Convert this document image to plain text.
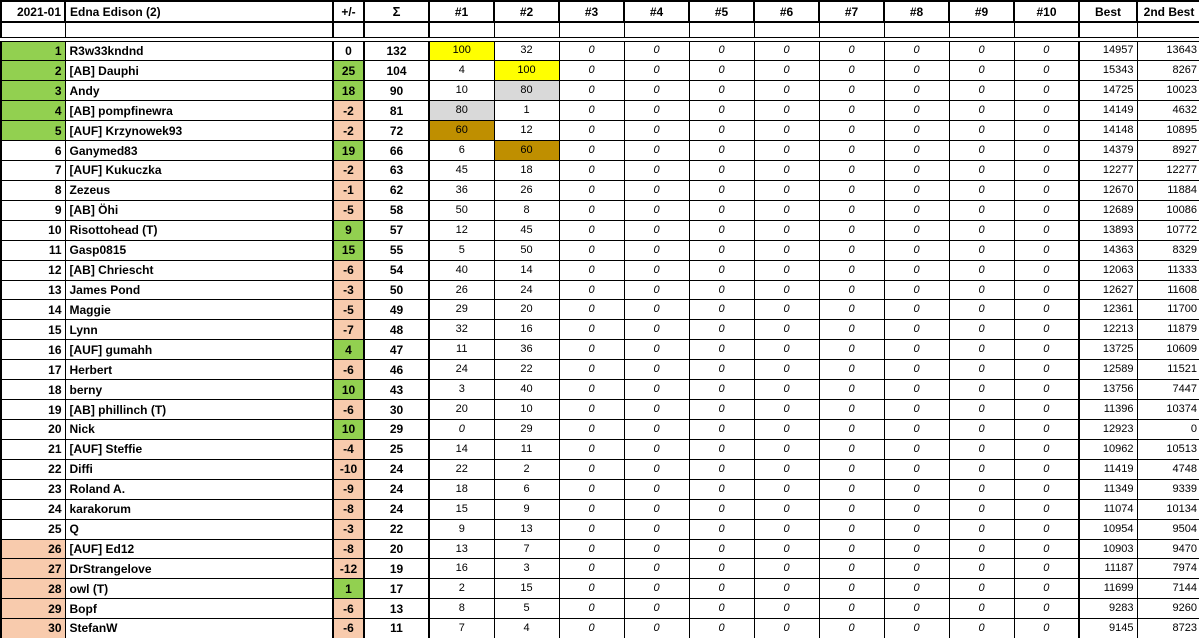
2021-01	Edna Edison (2)	+/-	Σ	#1	#2	#3	#4	#5	#6	#7	#8	#9	#10	Best	2nd Best

1	R3w33kndnd	0	132	100	32	0	0	0	0	0	0	0	0	14957	13643
2	[AB] Dauphi	25	104	4	100	0	0	0	0	0	0	0	0	15343	8267
3	Andy	18	90	10	80	0	0	0	0	0	0	0	0	14725	10023
4	[AB] pompfinewra	-2	81	80	1	0	0	0	0	0	0	0	0	14149	4632
5	[AUF] Krzynowek93	-2	72	60	12	0	0	0	0	0	0	0	0	14148	10895
6	Ganymed83	19	66	6	60	0	0	0	0	0	0	0	0	14379	8927
7	[AUF] Kukuczka	-2	63	45	18	0	0	0	0	0	0	0	0	12277	12277
8	Zezeus	-1	62	36	26	0	0	0	0	0	0	0	0	12670	11884
9	[AB] Öhi	-5	58	50	8	0	0	0	0	0	0	0	0	12689	10086
10	Risottohead (T)	9	57	12	45	0	0	0	0	0	0	0	0	13893	10772
11	Gasp0815	15	55	5	50	0	0	0	0	0	0	0	0	14363	8329
12	[AB] Chriescht	-6	54	40	14	0	0	0	0	0	0	0	0	12063	11333
13	James Pond	-3	50	26	24	0	0	0	0	0	0	0	0	12627	11608
14	Maggie	-5	49	29	20	0	0	0	0	0	0	0	0	12361	11700
15	Lynn	-7	48	32	16	0	0	0	0	0	0	0	0	12213	11879
16	[AUF] gumahh	4	47	11	36	0	0	0	0	0	0	0	0	13725	10609
17	Herbert	-6	46	24	22	0	0	0	0	0	0	0	0	12589	11521
18	berny	10	43	3	40	0	0	0	0	0	0	0	0	13756	7447
19	[AB] phillinch (T)	-6	30	20	10	0	0	0	0	0	0	0	0	11396	10374
20	Nick	10	29	0	29	0	0	0	0	0	0	0	0	12923	0
21	[AUF] Steffie	-4	25	14	11	0	0	0	0	0	0	0	0	10962	10513
22	Diffi	-10	24	22	2	0	0	0	0	0	0	0	0	11419	4748
23	Roland A.	-9	24	18	6	0	0	0	0	0	0	0	0	11349	9339
24	karakorum	-8	24	15	9	0	0	0	0	0	0	0	0	11074	10134
25	Q	-3	22	9	13	0	0	0	0	0	0	0	0	10954	9504
26	[AUF] Ed12	-8	20	13	7	0	0	0	0	0	0	0	0	10903	9470
27	DrStrangelove	-12	19	16	3	0	0	0	0	0	0	0	0	11187	7974
28	owl (T)	1	17	2	15	0	0	0	0	0	0	0	0	11699	7144
29	Bopf	-6	13	8	5	0	0	0	0	0	0	0	0	9283	9260
30	StefanW	-6	11	7	4	0	0	0	0	0	0	0	0	9145	8723
